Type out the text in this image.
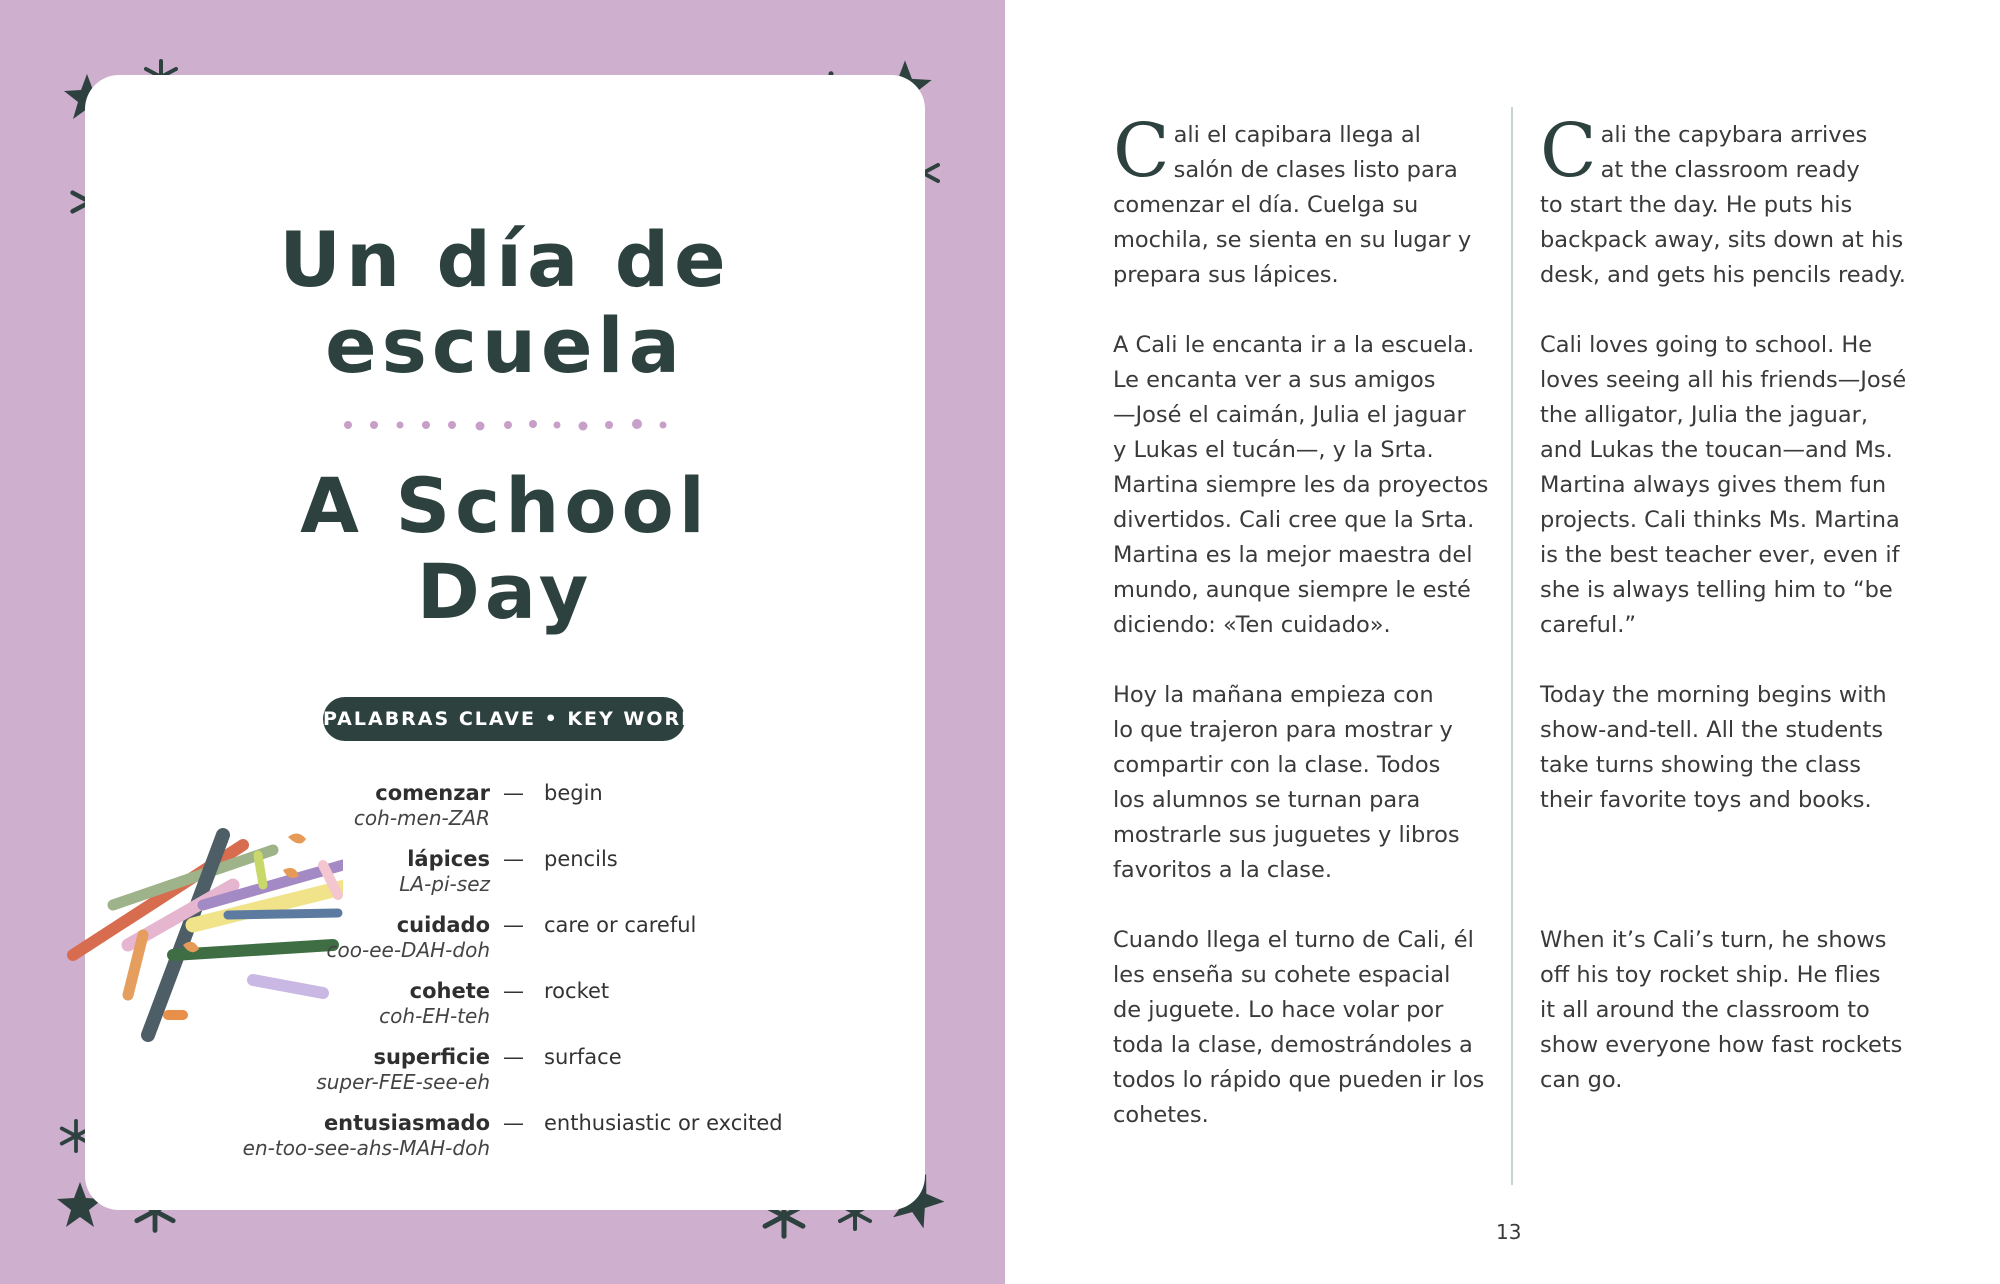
Un día de
escuela
A School
Day
PALABRAS CLAVE • KEY WORDS
comenzar
coh-men-ZAR
— begin
lápices
LA-pi-sez
— pencils
cuidado
coo-ee-DAH-doh
— care or careful
cohete
coh-EH-teh
— rocket
superficie
super-FEE-see-eh
— surface
entusiasmado
en-too-see-ahs-MAH-doh
— enthusiastic or excited
C ali el capibara llega al
salón de clases listo para
comenzar el día. Cuelga su
mochila, se sienta en su lugar y
prepara sus lápices.
A Cali le encanta ir a la escuela.
Le encanta ver a sus amigos
—José el caimán, Julia el jaguar
y Lukas el tucán—, y la Srta.
Martina siempre les da proyectos
divertidos. Cali cree que la Srta.
Martina es la mejor maestra del
mundo, aunque siempre le esté
diciendo: «Ten cuidado».
Hoy la mañana empieza con
lo que trajeron para mostrar y
compartir con la clase. Todos
los alumnos se turnan para
mostrarle sus juguetes y libros
favoritos a la clase.
Cuando llega el turno de Cali, él
les enseña su cohete espacial
de juguete. Lo hace volar por
toda la clase, demostrándoles a
todos lo rápido que pueden ir los
cohetes.
C ali the capybara arrives
at the classroom ready
to start the day. He puts his
backpack away, sits down at his
desk, and gets his pencils ready.
Cali loves going to school. He
loves seeing all his friends—José
the alligator, Julia the jaguar,
and Lukas the toucan—and Ms.
Martina always gives them fun
projects. Cali thinks Ms. Martina
is the best teacher ever, even if
she is always telling him to “be
careful.”
Today the morning begins with
show-and-tell. All the students
take turns showing the class
their favorite toys and books.
When it’s Cali’s turn, he shows
off his toy rocket ship. He flies
it all around the classroom to
show everyone how fast rockets
can go.
13
